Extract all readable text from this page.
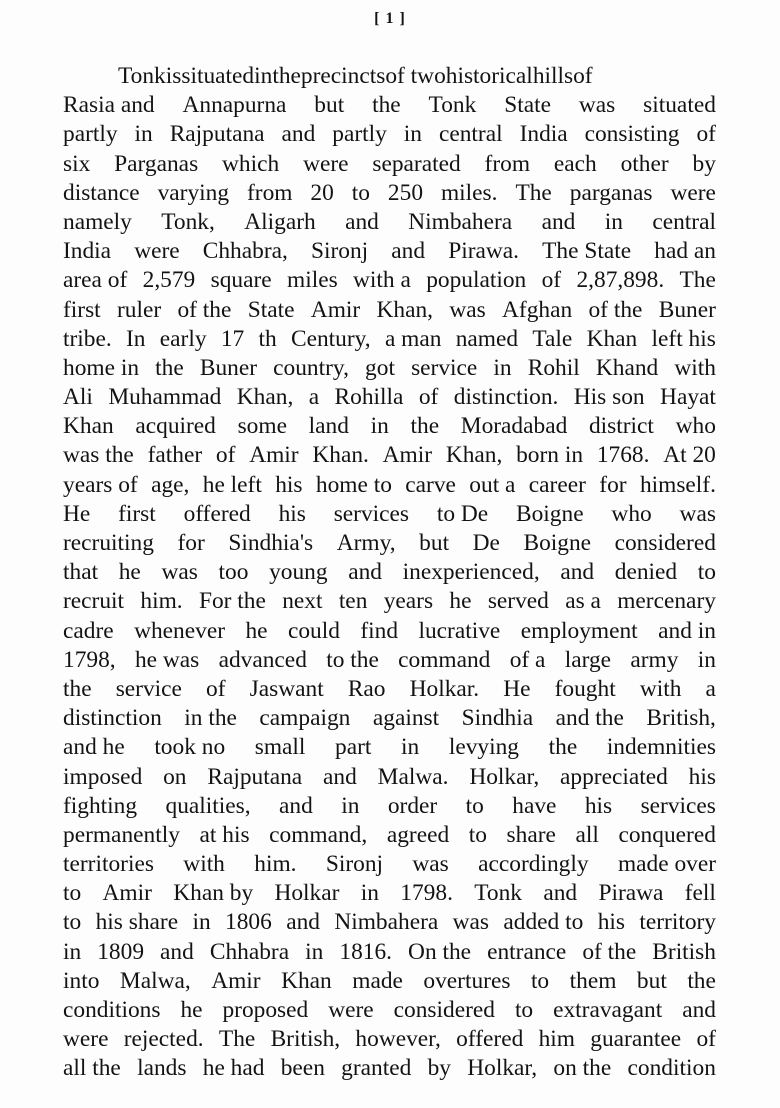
[ 1 ]
Tonk is situated in the precincts of two historical hills of
Rasia and Annapurna but the Tonk State was situated
partly in Rajputana and partly in central India consisting of
six Parganas which were separated from each other by
distance varying from 20 to 250 miles. The parganas were
namely Tonk, Aligarh and Nimbahera and in central
India were Chhabra, Sironj and Pirawa. The State had an
area of 2,579 square miles with a population of 2,87,898. The
first ruler of the State Amir Khan, was Afghan of the Buner
tribe. In early 17 th Century, a man named Tale Khan left his
home in the Buner country, got service in Rohil Khand with
Ali Muhammad Khan, a Rohilla of distinction. His son Hayat
Khan acquired some land in the Moradabad district who
was the father of Amir Khan. Amir Khan, born in 1768. At 20
years of age, he left his home to carve out a career for himself.
He first offered his services to De Boigne who was
recruiting for Sindhia's Army, but De Boigne considered
that he was too young and inexperienced, and denied to
recruit him. For the next ten years he served as a mercenary
cadre whenever he could find lucrative employment and in
1798, he was advanced to the command of a large army in
the service of Jaswant Rao Holkar. He fought with a
distinction in the campaign against Sindhia and the British,
and he took no small part in levying the indemnities
imposed on Rajputana and Malwa. Holkar, appreciated his
fighting qualities, and in order to have his services
permanently at his command, agreed to share all conquered
territories with him. Sironj was accordingly made over
to Amir Khan by Holkar in 1798. Tonk and Pirawa fell
to his share in 1806 and Nimbahera was added to his territory
in 1809 and Chhabra in 1816. On the entrance of the British
into Malwa, Amir Khan made overtures to them but the
conditions he proposed were considered to extravagant and
were rejected. The British, however, offered him guarantee of
all the lands he had been granted by Holkar, on the condition
